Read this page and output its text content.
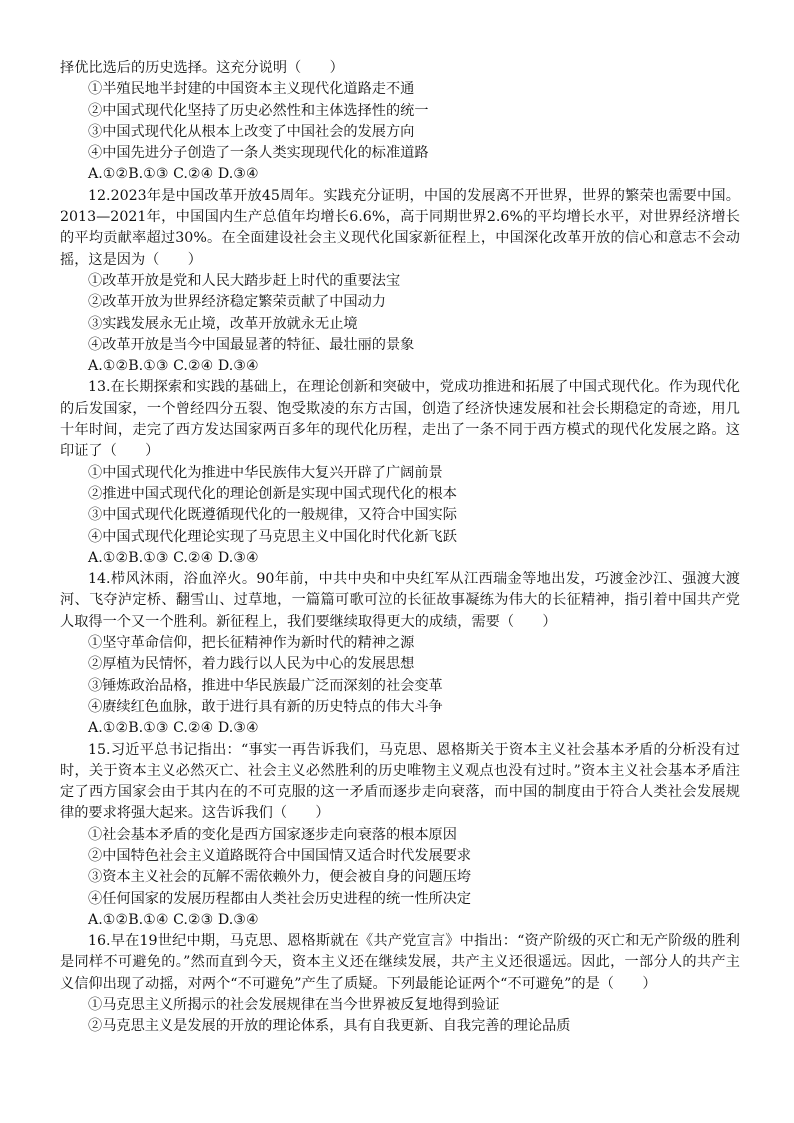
择优比选后的历史选择。这充分说明（　　）

①半殖民地半封建的中国资本主义现代化道路走不通

②中国式现代化坚持了历史必然性和主体选择性的统一

③中国式现代化从根本上改变了中国社会的发展方向

④中国先进分子创造了一条人类实现现代化的标准道路

A.①②B.①③ C.②④ D.③④

12.2023年是中国改革开放45周年。实践充分证明，中国的发展离不开世界，世界的繁荣也需要中国。2013—2021年，中国国内生产总值年均增长6.6%，高于同期世界2.6%的平均增长水平，对世界经济增长的平均贡献率超过30%。在全面建设社会主义现代化国家新征程上，中国深化改革开放的信心和意志不会动摇，这是因为（　　）

①改革开放是党和人民大踏步赶上时代的重要法宝

②改革开放为世界经济稳定繁荣贡献了中国动力

③实践发展永无止境，改革开放就永无止境

④改革开放是当今中国最显著的特征、最壮丽的景象

A.①②B.①③ C.②④ D.③④

13.在长期探索和实践的基础上，在理论创新和突破中，党成功推进和拓展了中国式现代化。作为现代化的后发国家，一个曾经四分五裂、饱受欺凌的东方古国，创造了经济快速发展和社会长期稳定的奇迹，用几十年时间，走完了西方发达国家两百多年的现代化历程，走出了一条不同于西方模式的现代化发展之路。这印证了（　　）

①中国式现代化为推进中华民族伟大复兴开辟了广阔前景

②推进中国式现代化的理论创新是实现中国式现代化的根本

③中国式现代化既遵循现代化的一般规律，又符合中国实际

④中国式现代化理论实现了马克思主义中国化时代化新飞跃

A.①②B.①③ C.②④ D.③④

14.栉风沐雨，浴血淬火。90年前，中共中央和中央红军从江西瑞金等地出发，巧渡金沙江、强渡大渡河、飞夺泸定桥、翻雪山、过草地，一篇篇可歌可泣的长征故事凝练为伟大的长征精神，指引着中国共产党人取得一个又一个胜利。新征程上，我们要继续取得更大的成绩，需要（　　）

①坚守革命信仰，把长征精神作为新时代的精神之源

②厚植为民情怀，着力践行以人民为中心的发展思想

③锤炼政治品格，推进中华民族最广泛而深刻的社会变革

④赓续红色血脉，敢于进行具有新的历史特点的伟大斗争

A.①②B.①③ C.②④ D.③④

15.习近平总书记指出：“事实一再告诉我们，马克思、恩格斯关于资本主义社会基本矛盾的分析没有过时，关于资本主义必然灭亡、社会主义必然胜利的历史唯物主义观点也没有过时。”资本主义社会基本矛盾注定了西方国家会由于其内在的不可克服的这一矛盾而逐步走向衰落，而中国的制度由于符合人类社会发展规律的要求将强大起来。这告诉我们（　　）

①社会基本矛盾的变化是西方国家逐步走向衰落的根本原因

②中国特色社会主义道路既符合中国国情又适合时代发展要求

③资本主义社会的瓦解不需依赖外力，便会被自身的问题压垮

④任何国家的发展历程都由人类社会历史进程的统一性所决定

A.①②B.①④ C.②③ D.③④

16.早在19世纪中期，马克思、恩格斯就在《共产党宣言》中指出：“资产阶级的灭亡和无产阶级的胜利是同样不可避免的。”然而直到今天，资本主义还在继续发展，共产主义还很遥远。因此，一部分人的共产主义信仰出现了动摇，对两个“不可避免”产生了质疑。下列最能论证两个“不可避免”的是（　　）

①马克思主义所揭示的社会发展规律在当今世界被反复地得到验证

②马克思主义是发展的开放的理论体系，具有自我更新、自我完善的理论品质
